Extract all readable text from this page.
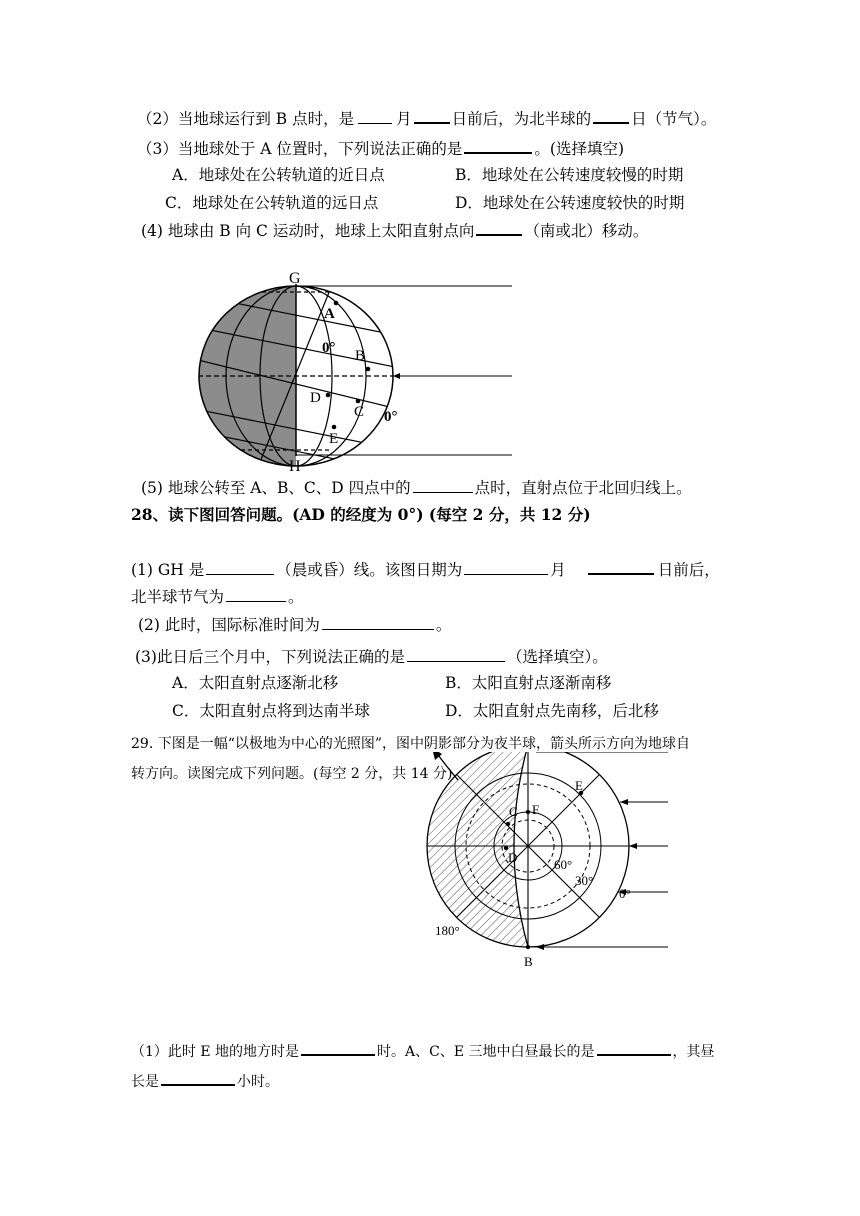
（2）当地球运行到 B 点时，是	月	日前后，为北半球的	日（节气）。
（3）当地球处于 A 位置时，下列说法正确的是	。(选择填空)
A．地球处在公转轨道的近日点	B．地球处在公转速度较慢的时期
C．地球处在公转轨道的远日点	D．地球处在公转速度较快的时期
(4) 地球由 B 向 C 运动时，地球上太阳直射点向	（南或北）移动。
G
H
A
B
C
D
E
0°
0°
(5) 地球公转至 A、B、C、D 四点中的	点时，直射点位于北回归线上。
28、读下图回答问题。(AD 的经度为 0°) (每空 2 分，共 12 分)
(1) GH 是	（晨或昏）线。该图日期为	月	日前后，
北半球节气为	。
(2) 此时，国际标准时间为	。
(3)此日后三个月中，下列说法正确的是	（选择填空）。
A．太阳直射点逐渐北移	B．太阳直射点逐渐南移
C．太阳直射点将到达南半球	D．太阳直射点先南移，后北移
29. 下图是一幅“以极地为中心的光照图”，图中阴影部分为夜半球，箭头所示方向为地球自
转方向。读图完成下列问题。(每空 2 分，共 14 分)
B
C
D
E
F
60°
30°
0°
180°
（1）此时 E 地的地方时是	时。A、C、E 三地中白昼最长的是	，其昼
长是	小时。
